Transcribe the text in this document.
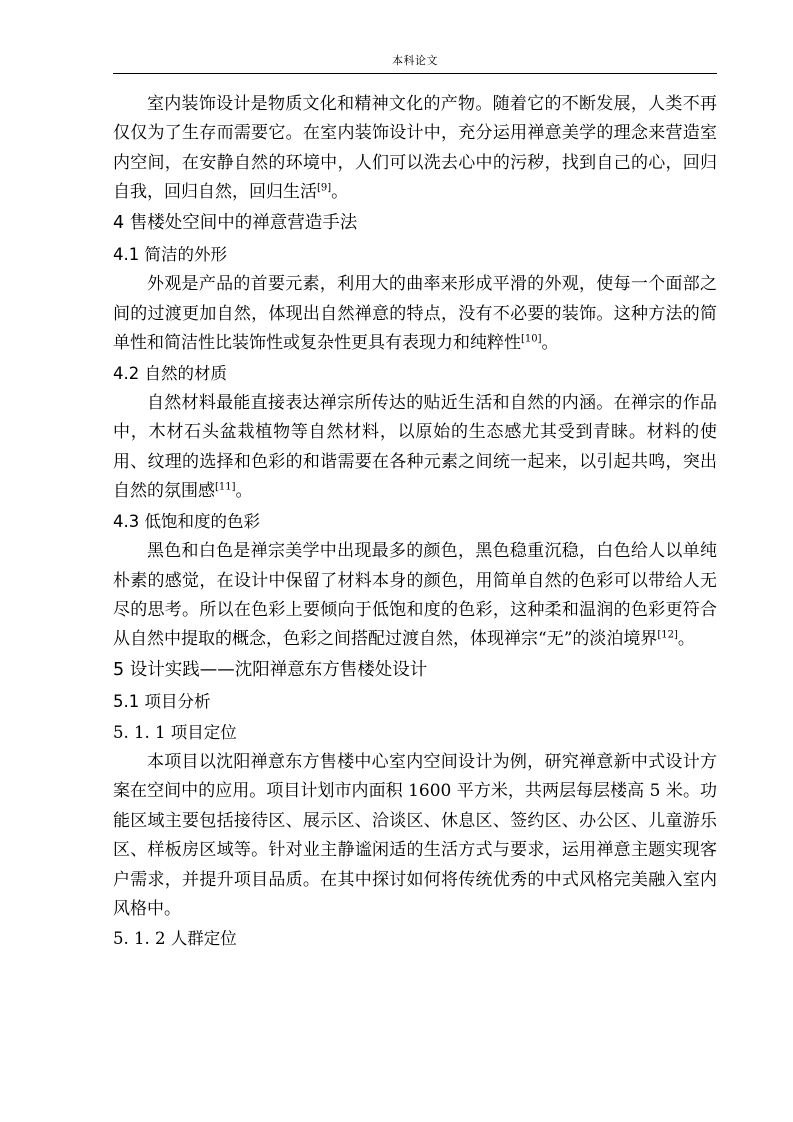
本科论文

室内装饰设计是物质文化和精神文化的产物。随着它的不断发展，人类不再仅仅为了生存而需要它。在室内装饰设计中，充分运用禅意美学的理念来营造室内空间，在安静自然的环境中，人们可以洗去心中的污秽，找到自己的心，回归自我，回归自然，回归生活[9]。

4 售楼处空间中的禅意营造手法
4.1 简洁的外形

外观是产品的首要元素，利用大的曲率来形成平滑的外观，使每一个面部之间的过渡更加自然，体现出自然禅意的特点，没有不必要的装饰。这种方法的简单性和简洁性比装饰性或复杂性更具有表现力和纯粹性[10]。

4.2 自然的材质

自然材料最能直接表达禅宗所传达的贴近生活和自然的内涵。在禅宗的作品中，木材石头盆栽植物等自然材料，以原始的生态感尤其受到青睐。材料的使用、纹理的选择和色彩的和谐需要在各种元素之间统一起来，以引起共鸣，突出自然的氛围感[11]。

4.3 低饱和度的色彩

黑色和白色是禅宗美学中出现最多的颜色，黑色稳重沉稳，白色给人以单纯朴素的感觉，在设计中保留了材料本身的颜色，用简单自然的色彩可以带给人无尽的思考。所以在色彩上要倾向于低饱和度的色彩，这种柔和温润的色彩更符合从自然中提取的概念，色彩之间搭配过渡自然，体现禅宗“无”的淡泊境界[12]。

5 设计实践——沈阳禅意东方售楼处设计
5.1 项目分析
5. 1. 1 项目定位

本项目以沈阳禅意东方售楼中心室内空间设计为例，研究禅意新中式设计方案在空间中的应用。项目计划市内面积 1600 平方米，共两层每层楼高 5 米。功能区域主要包括接待区、展示区、洽谈区、休息区、签约区、办公区、儿童游乐区、样板房区域等。针对业主静谧闲适的生活方式与要求，运用禅意主题实现客户需求，并提升项目品质。在其中探讨如何将传统优秀的中式风格完美融入室内风格中。

5. 1. 2 人群定位
